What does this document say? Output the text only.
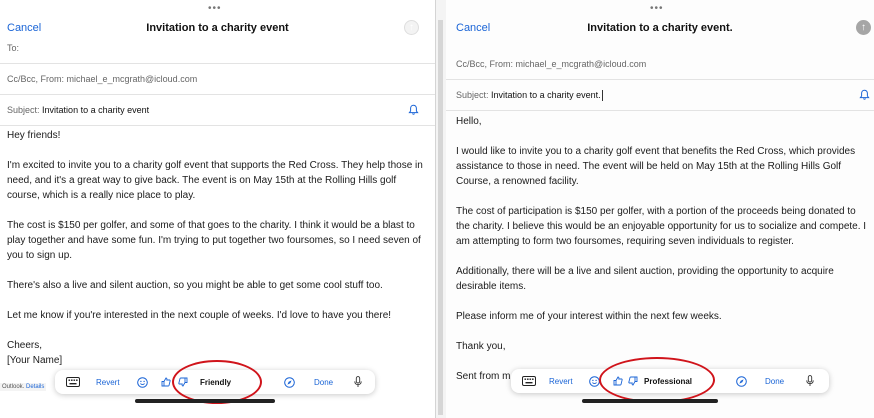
•••
Cancel	Invitation to a charity event	↑
To:
Cc/Bcc, From: michael_e_mcgrath@icloud.com
Subject: Invitation to a charity event

Hey friends!

I'm excited to invite you to a charity golf event that supports the Red Cross. They help those in need, and it's a great way to give back. The event is on May 15th at the Rolling Hills golf course, which is a really nice place to play.

The cost is $150 per golfer, and some of that goes to the charity. I think it would be a blast to play together and have some fun. I'm trying to put together two foursomes, so I need seven of you to sign up.

There's also a live and silent auction, so you might be able to get some cool stuff too.

Let me know if you're interested in the next couple of weeks. I'd love to have you there!

Cheers,

[Your Name]

Revert	Friendly	Done
Outlook. Details
•••
Cancel	Invitation to a charity event.	↑
Cc/Bcc, From: michael_e_mcgrath@icloud.com
Subject: Invitation to a charity event.

Hello,

I would like to invite you to a charity golf event that benefits the Red Cross, which provides assistance to those in need. The event will be held on May 15th at the Rolling Hills Golf Course, a renowned facility.

The cost of participation is $150 per golfer, with a portion of the proceeds being donated to the charity. I believe this would be an enjoyable opportunity for us to socialize and compete. I am attempting to form two foursomes, requiring seven individuals to register.

Additionally, there will be a live and silent auction, providing the opportunity to acquire desirable items.

Please inform me of your interest within the next few weeks.

Thank you,

Sent from m	Revert	Professional	Done
